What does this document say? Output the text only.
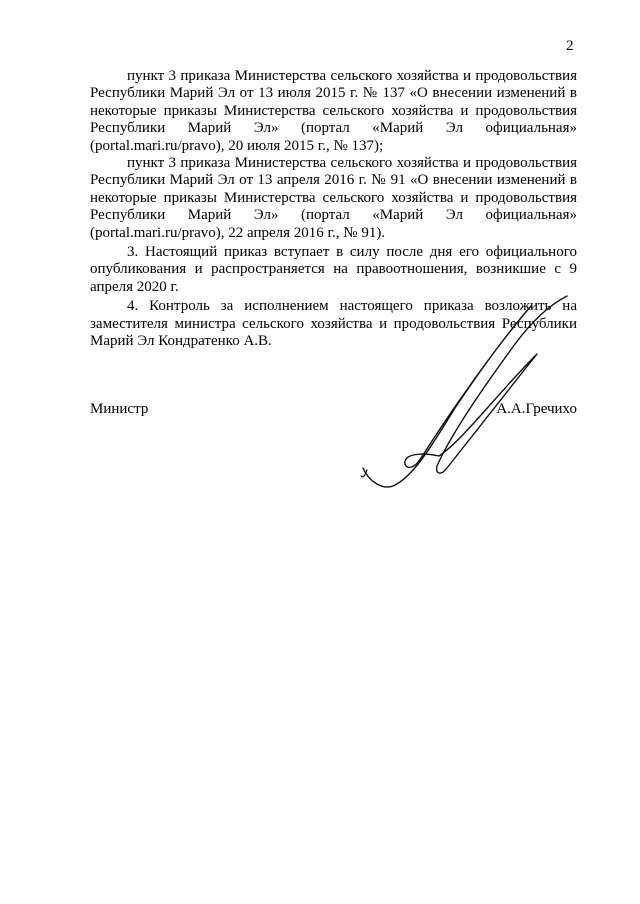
2

пункт 3 приказа Министерства сельского хозяйства и продовольствия Республики Марий Эл от 13 июля 2015 г. № 137 «О внесении изменений в некоторые приказы Министерства сельского хозяйства и продовольствия Республики Марий Эл» (портал «Марий Эл официальная» (portal.mari.ru/pravo), 20 июля 2015 г., № 137);

пункт 3 приказа Министерства сельского хозяйства и продовольствия Республики Марий Эл от 13 апреля 2016 г. № 91 «О внесении изменений в некоторые приказы Министерства сельского хозяйства и продовольствия Республики Марий Эл» (портал «Марий Эл официальная» (portal.mari.ru/pravo), 22 апреля 2016 г., № 91).

3. Настоящий приказ вступает в силу после дня его официального опубликования и распространяется на правоотношения, возникшие с 9 апреля 2020 г.

4. Контроль за исполнением настоящего приказа возложить на заместителя министра сельского хозяйства и продовольствия Республики Марий Эл Кондратенко А.В.

Министр	А.А.Гречихо
